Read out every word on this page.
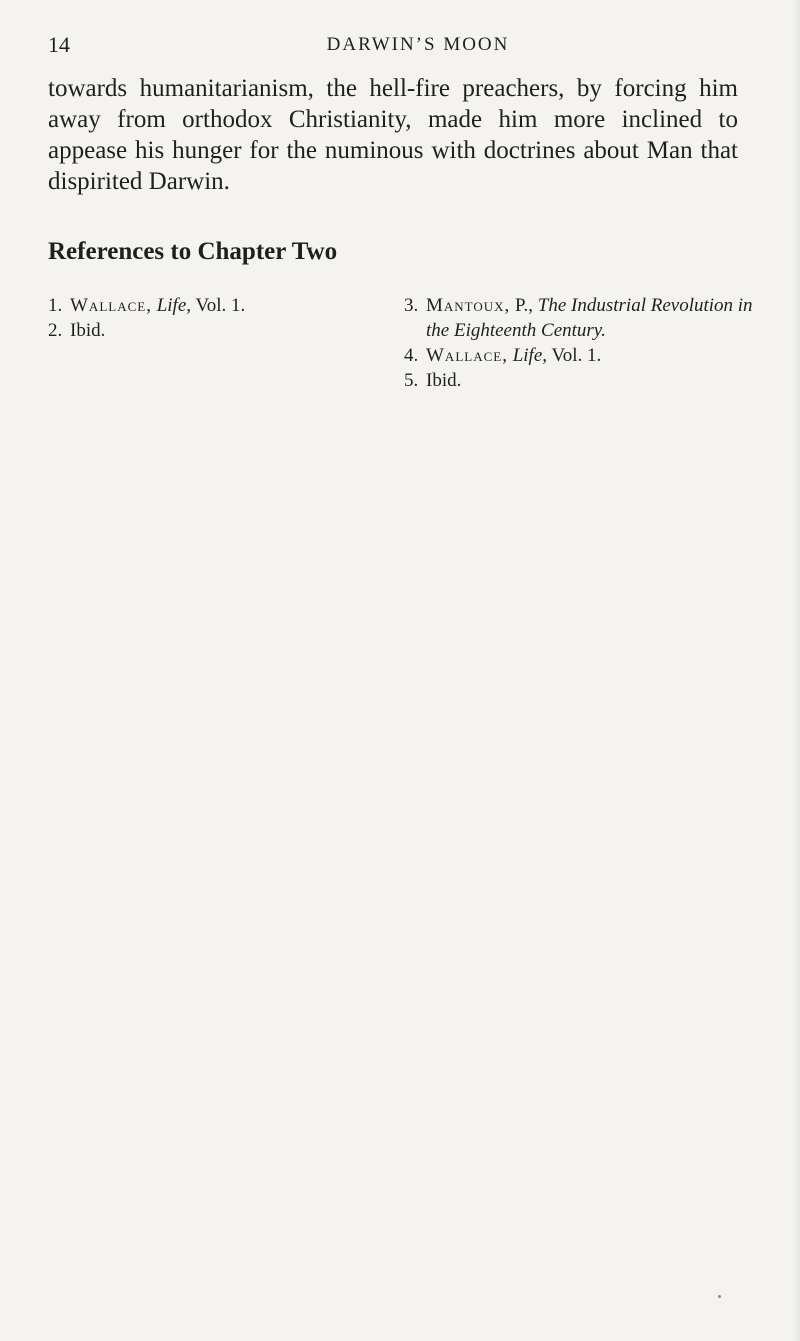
14	DARWIN’S MOON

towards humanitarianism, the hell-fire preachers, by forcing him away from orthodox Christianity, made him more inclined to appease his hunger for the numinous with doctrines about Man that dispirited Darwin.

References to Chapter Two
1. Wallace, Life, Vol. 1.
2. Ibid.
3. Mantoux, P., The Industrial Revolution in the Eighteenth Century.
4. Wallace, Life, Vol. 1.
5. Ibid.
